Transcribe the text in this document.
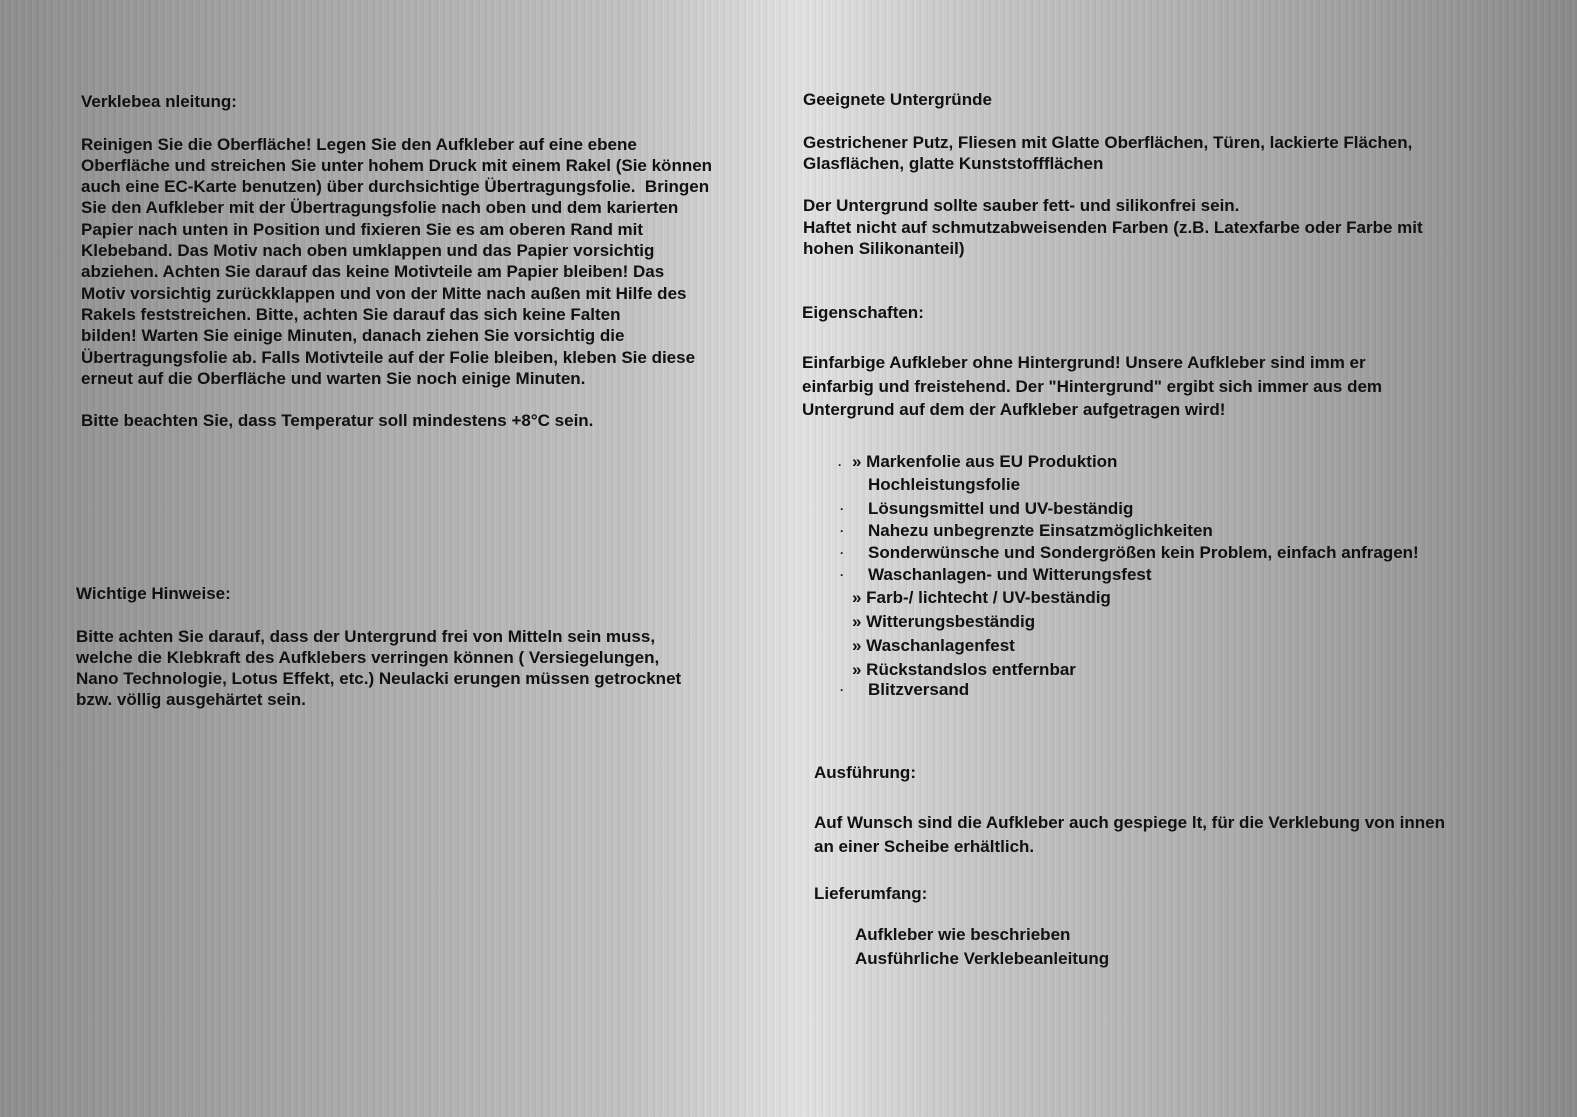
Verklebea nleitung:
Reinigen Sie die Oberfläche! Legen Sie den Aufkleber auf eine ebene
Oberfläche und streichen Sie unter hohem Druck mit einem Rakel (Sie können
auch eine EC-Karte benutzen) über durchsichtige Übertragungsfolie.  Bringen
Sie den Aufkleber mit der Übertragungsfolie nach oben und dem karierten
Papier nach unten in Position und fixieren Sie es am oberen Rand mit
Klebeband. Das Motiv nach oben umklappen und das Papier vorsichtig
abziehen. Achten Sie darauf das keine Motivteile am Papier bleiben! Das
Motiv vorsichtig zurückklappen und von der Mitte nach außen mit Hilfe des
Rakels feststreichen. Bitte, achten Sie darauf das sich keine Falten
bilden! Warten Sie einige Minuten, danach ziehen Sie vorsichtig die
Übertragungsfolie ab. Falls Motivteile auf der Folie bleiben, kleben Sie diese
erneut auf die Oberfläche und warten Sie noch einige Minuten.
Bitte beachten Sie, dass Temperatur soll mindestens +8°C sein.
Wichtige Hinweise:
Bitte achten Sie darauf, dass der Untergrund frei von Mitteln sein muss,
welche die Klebkraft des Aufklebers verringen können ( Versiegelungen,
Nano Technologie, Lotus Effekt, etc.) Neulacki erungen müssen getrocknet
bzw. völlig ausgehärtet sein.
Geeignete Untergründe
Gestrichener Putz, Fliesen mit Glatte Oberflächen, Türen, lackierte Flächen,
Glasflächen, glatte Kunststoffflächen
Der Untergrund sollte sauber fett- und silikonfrei sein.
Haftet nicht auf schmutzabweisenden Farben (z.B. Latexfarbe oder Farbe mit
hohen Silikonanteil)
Eigenschaften:
Einfarbige Aufkleber ohne Hintergrund! Unsere Aufkleber sind imm er
einfarbig und freistehend. Der "Hintergrund" ergibt sich immer aus dem
Untergrund auf dem der Aufkleber aufgetragen wird!
. » Markenfolie aus EU Produktion
Hochleistungsfolie
· Lösungsmittel und UV-beständig
· Nahezu unbegrenzte Einsatzmöglichkeiten
· Sonderwünsche und Sondergrößen kein Problem, einfach anfragen!
· Waschanlagen- und Witterungsfest
» Farb-/ lichtecht / UV-beständig
» Witterungsbeständig
» Waschanlagenfest
» Rückstandslos entfernbar
· Blitzversand
Ausführung:
Auf Wunsch sind die Aufkleber auch gespiege lt, für die Verklebung von innen
an einer Scheibe erhältlich.
Lieferumfang:
Aufkleber wie beschrieben
Ausführliche Verklebeanleitung
